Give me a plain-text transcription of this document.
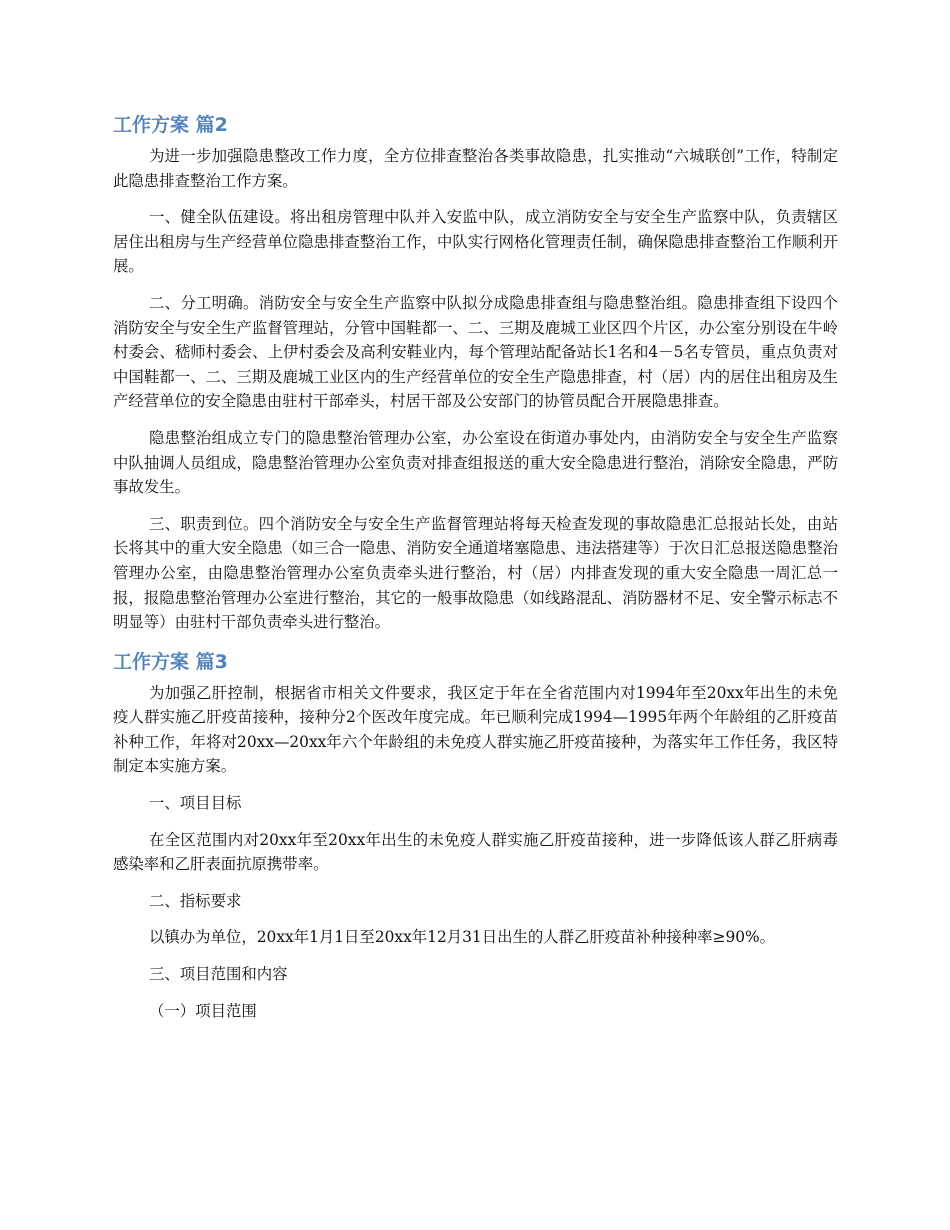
工作方案 篇2

为进一步加强隐患整改工作力度，全方位排查整治各类事故隐患，扎实推动“六城联创”工作，特制定此隐患排查整治工作方案。

一、健全队伍建设。将出租房管理中队并入安监中队，成立消防安全与安全生产监察中队，负责辖区居住出租房与生产经营单位隐患排查整治工作，中队实行网格化管理责任制，确保隐患排查整治工作顺利开展。

二、分工明确。消防安全与安全生产监察中队拟分成隐患排查组与隐患整治组。隐患排查组下设四个消防安全与安全生产监督管理站，分管中国鞋都一、二、三期及鹿城工业区四个片区，办公室分别设在牛岭村委会、嵇师村委会、上伊村委会及高利安鞋业内，每个管理站配备站长1名和4－5名专管员，重点负责对中国鞋都一、二、三期及鹿城工业区内的生产经营单位的安全生产隐患排查，村（居）内的居住出租房及生产经营单位的安全隐患由驻村干部牵头，村居干部及公安部门的协管员配合开展隐患排查。

隐患整治组成立专门的隐患整治管理办公室，办公室设在街道办事处内，由消防安全与安全生产监察中队抽调人员组成，隐患整治管理办公室负责对排查组报送的重大安全隐患进行整治，消除安全隐患，严防事故发生。

三、职责到位。四个消防安全与安全生产监督管理站将每天检查发现的事故隐患汇总报站长处，由站长将其中的重大安全隐患（如三合一隐患、消防安全通道堵塞隐患、违法搭建等）于次日汇总报送隐患整治管理办公室，由隐患整治管理办公室负责牵头进行整治，村（居）内排查发现的重大安全隐患一周汇总一报，报隐患整治管理办公室进行整治，其它的一般事故隐患（如线路混乱、消防器材不足、安全警示标志不明显等）由驻村干部负责牵头进行整治。

工作方案 篇3

为加强乙肝控制，根据省市相关文件要求，我区定于年在全省范围内对1994年至20xx年出生的未免疫人群实施乙肝疫苗接种，接种分2个医改年度完成。年已顺利完成1994—1995年两个年龄组的乙肝疫苗补种工作，年将对20xx—20xx年六个年龄组的未免疫人群实施乙肝疫苗接种，为落实年工作任务，我区特制定本实施方案。

一、项目目标

在全区范围内对20xx年至20xx年出生的未免疫人群实施乙肝疫苗接种，进一步降低该人群乙肝病毒感染率和乙肝表面抗原携带率。

二、指标要求

以镇办为单位，20xx年1月1日至20xx年12月31日出生的人群乙肝疫苗补种接种率≥90%。

三、项目范围和内容

（一）项目范围
